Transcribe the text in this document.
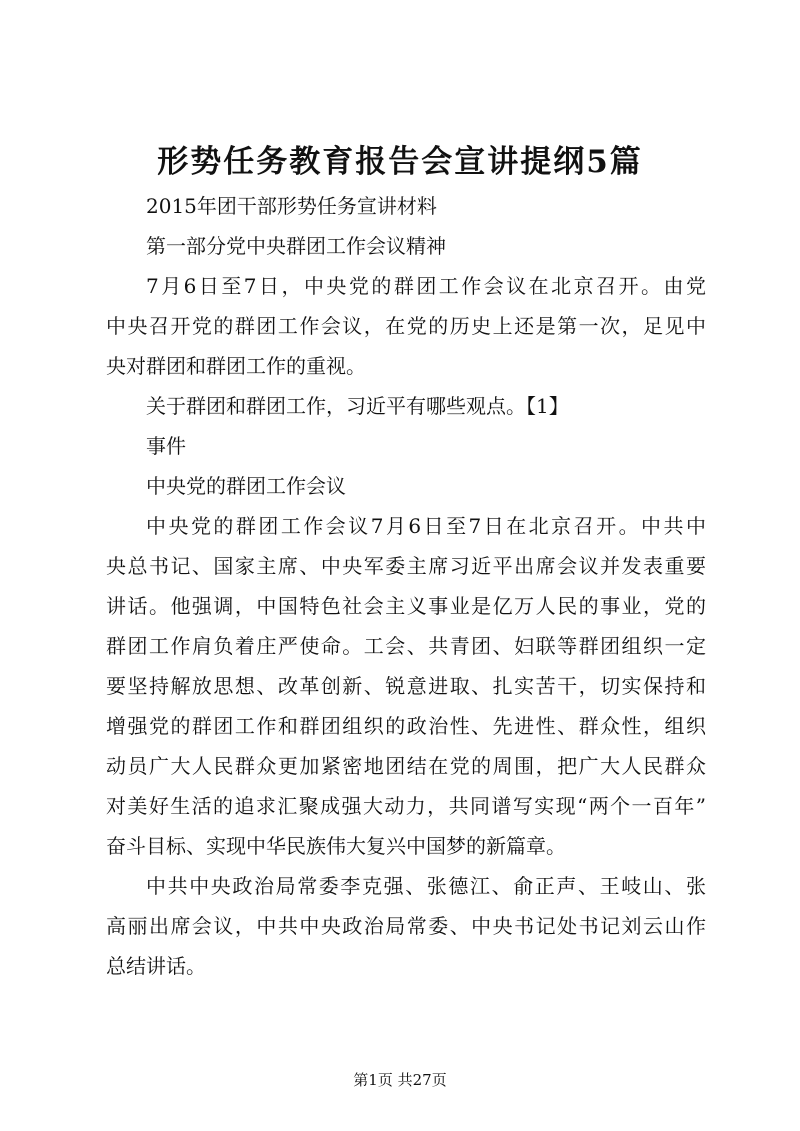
形势任务教育报告会宣讲提纲5篇
2015年团干部形势任务宣讲材料
第一部分党中央群团工作会议精神
7月6日至7日，中央党的群团工作会议在北京召开。由党
中央召开党的群团工作会议，在党的历史上还是第一次，足见中
央对群团和群团工作的重视。
关于群团和群团工作，习近平有哪些观点。【1】
事件
中央党的群团工作会议
中央党的群团工作会议7月6日至7日在北京召开。中共中
央总书记、国家主席、中央军委主席习近平出席会议并发表重要
讲话。他强调，中国特色社会主义事业是亿万人民的事业，党的
群团工作肩负着庄严使命。工会、共青团、妇联等群团组织一定
要坚持解放思想、改革创新、锐意进取、扎实苦干，切实保持和
增强党的群团工作和群团组织的政治性、先进性、群众性，组织
动员广大人民群众更加紧密地团结在党的周围，把广大人民群众
对美好生活的追求汇聚成强大动力，共同谱写实现“两个一百年”
奋斗目标、实现中华民族伟大复兴中国梦的新篇章。
中共中央政治局常委李克强、张德江、俞正声、王岐山、张
高丽出席会议，中共中央政治局常委、中央书记处书记刘云山作
总结讲话。
第1页 共27页
